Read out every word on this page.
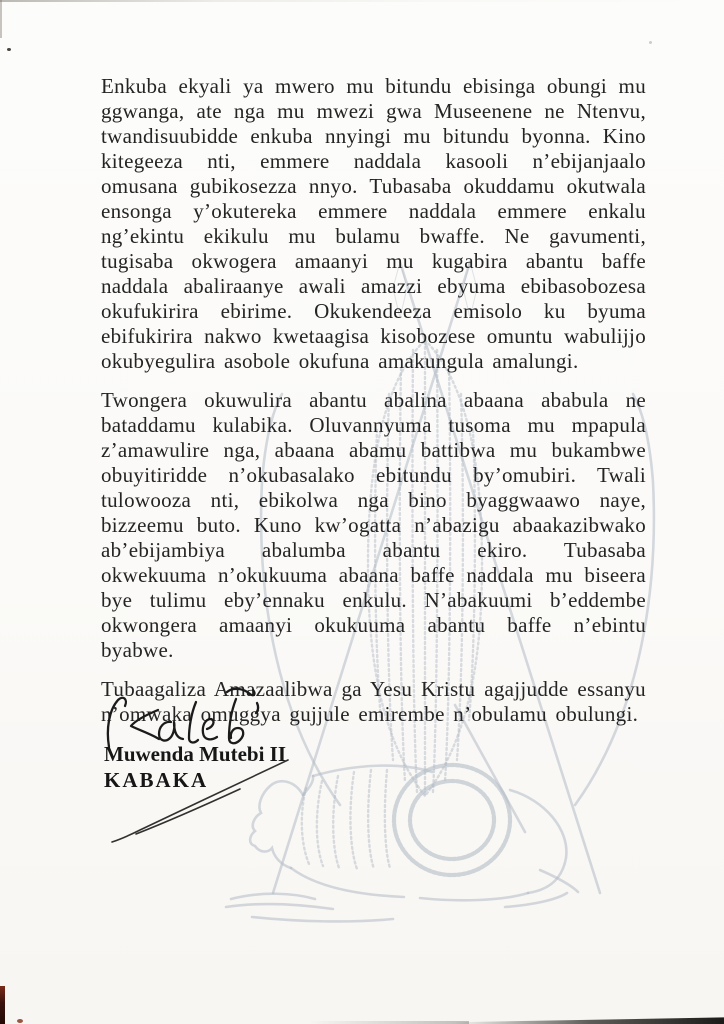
Enkuba ekyali ya mwero mu bitundu ebisinga obungi mu ggwanga, ate nga mu mwezi gwa Museenene ne Ntenvu, twandisuubidde enkuba nnyingi mu bitundu byonna. Kino kitegeeza nti, emmere naddala kasooli n’ebijanjaalo omusana gubikosezza nnyo. Tubasaba okuddamu okutwala ensonga y’okutereka emmere naddala emmere enkalu ng’ekintu ekikulu mu bulamu bwaffe. Ne gavumenti, tugisaba okwogera amaanyi mu kugabira abantu baffe naddala abaliraanye awali amazzi ebyuma ebibasobozesa okufukirira ebirime. Okukendeeza emisolo ku byuma ebifukirira nakwo kwetaagisa kisobozese omuntu wabulijjo okubyegulira asobole okufuna amakungula amalungi.

Twongera okuwulira abantu abalina abaana ababula ne bataddamu kulabika. Oluvannyuma tusoma mu mpapula z’amawulire nga, abaana abamu battibwa mu bukambwe obuyitiridde n’okubasalako ebitundu by’omubiri. Twali tulowooza nti, ebikolwa nga bino byaggwaawo naye, bizzeemu buto. Kuno kw’ogatta n’abazigu abaakazibwako ab’ebijambiya abalumba abantu ekiro. Tubasaba okwekuuma n’okukuuma abaana baffe naddala mu biseera bye tulimu eby’ennaku enkulu. N’abakuumi b’eddembe okwongera amaanyi okukuuma abantu baffe n’ebintu byabwe.

Tubaagaliza Amazaalibwa ga Yesu Kristu agajjudde essanyu n’omwaka omuggya gujjule emirembe n’obulamu obulungi.

Muwenda Mutebi II
KABAKA
